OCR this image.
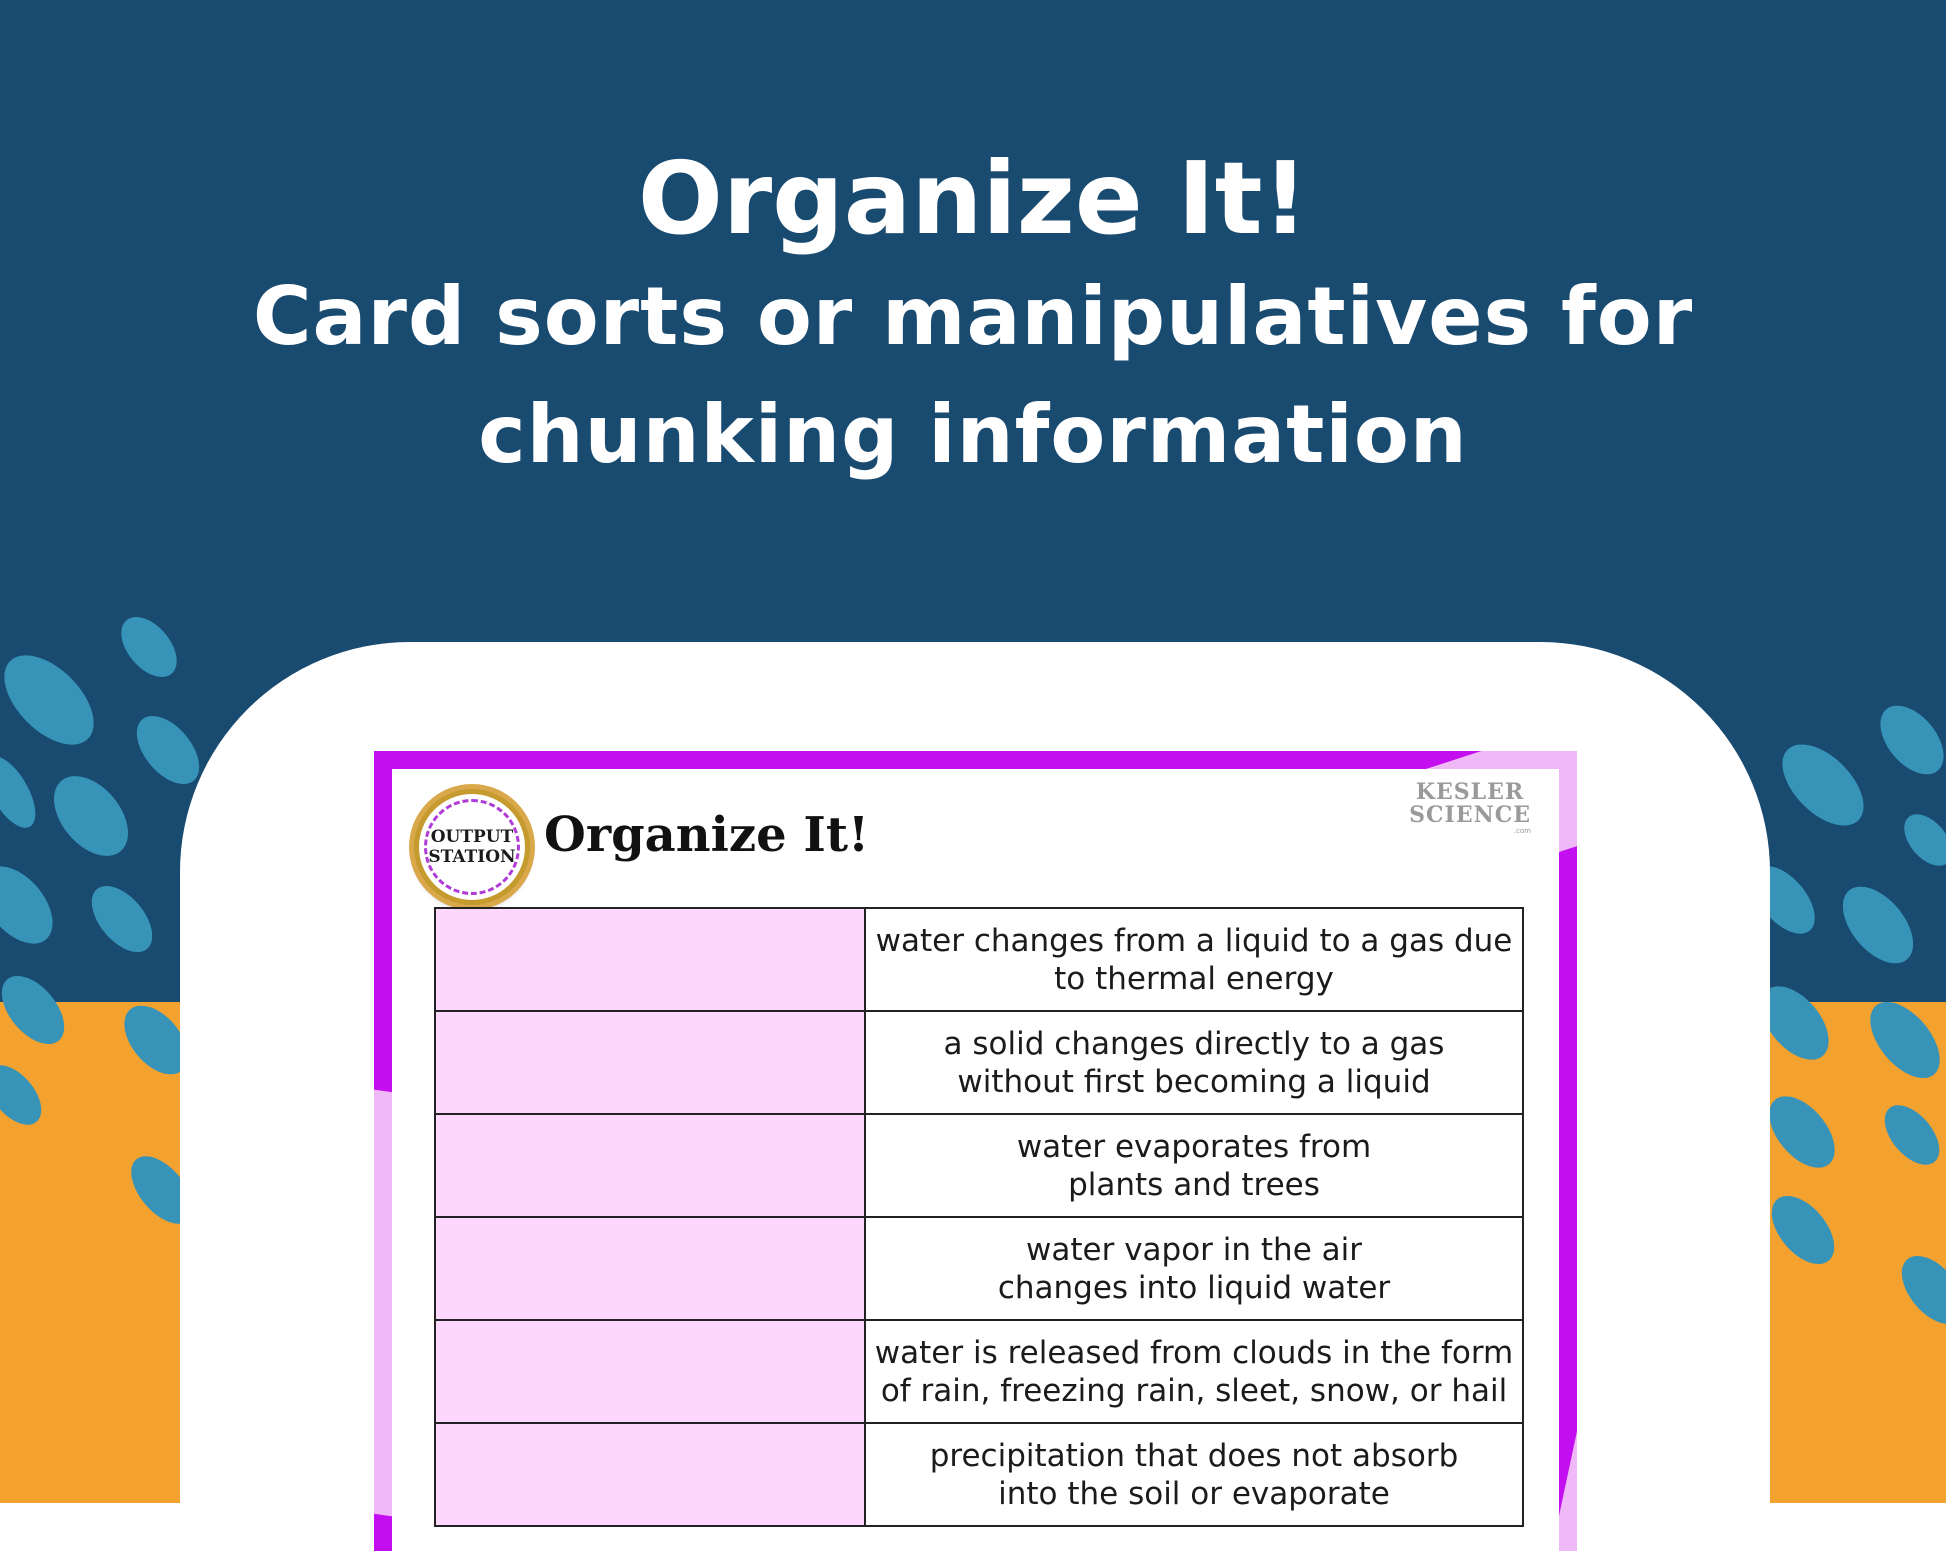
Organize It!
Card sorts or manipulatives for
chunking information
OUTPUT
STATION Organize It!
KESLER
SCIENCE
.com
	water changes from a liquid to a gas due
to thermal energy
	a solid changes directly to a gas
without first becoming a liquid
	water evaporates from
plants and trees
	water vapor in the air
changes into liquid water
	water is released from clouds in the form
of rain, freezing rain, sleet, snow, or hail
	precipitation that does not absorb
into the soil or evaporate
